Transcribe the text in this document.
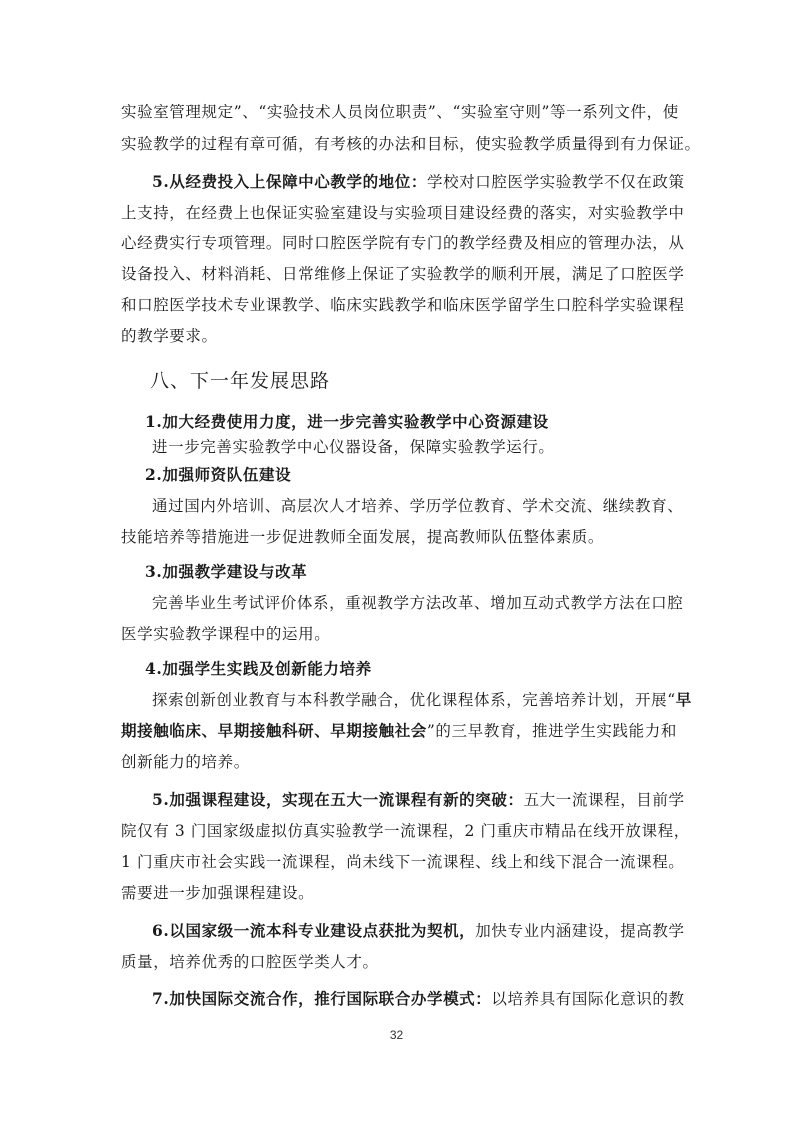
实验室管理规定”、“实验技术人员岗位职责”、“实验室守则”等一系列文件，使
实验教学的过程有章可循，有考核的办法和目标，使实验教学质量得到有力保证。
5.从经费投入上保障中心教学的地位：学校对口腔医学实验教学不仅在政策
上支持，在经费上也保证实验室建设与实验项目建设经费的落实，对实验教学中
心经费实行专项管理。同时口腔医学院有专门的教学经费及相应的管理办法，从
设备投入、材料消耗、日常维修上保证了实验教学的顺利开展，满足了口腔医学
和口腔医学技术专业课教学、临床实践教学和临床医学留学生口腔科学实验课程
的教学要求。
八、下一年发展思路
1.加大经费使用力度，进一步完善实验教学中心资源建设
进一步完善实验教学中心仪器设备，保障实验教学运行。
2.加强师资队伍建设
通过国内外培训、高层次人才培养、学历学位教育、学术交流、继续教育、
技能培养等措施进一步促进教师全面发展，提高教师队伍整体素质。
3.加强教学建设与改革
完善毕业生考试评价体系，重视教学方法改革、增加互动式教学方法在口腔
医学实验教学课程中的运用。
4.加强学生实践及创新能力培养
探索创新创业教育与本科教学融合，优化课程体系，完善培养计划，开展“早
期接触临床、早期接触科研、早期接触社会”的三早教育，推进学生实践能力和
创新能力的培养。
5.加强课程建设，实现在五大一流课程有新的突破：五大一流课程，目前学
院仅有 3 门国家级虚拟仿真实验教学一流课程，2 门重庆市精品在线开放课程，
1 门重庆市社会实践一流课程，尚未线下一流课程、线上和线下混合一流课程。
需要进一步加强课程建设。
6.以国家级一流本科专业建设点获批为契机，加快专业内涵建设，提高教学
质量，培养优秀的口腔医学类人才。
7.加快国际交流合作，推行国际联合办学模式：以培养具有国际化意识的教
32
